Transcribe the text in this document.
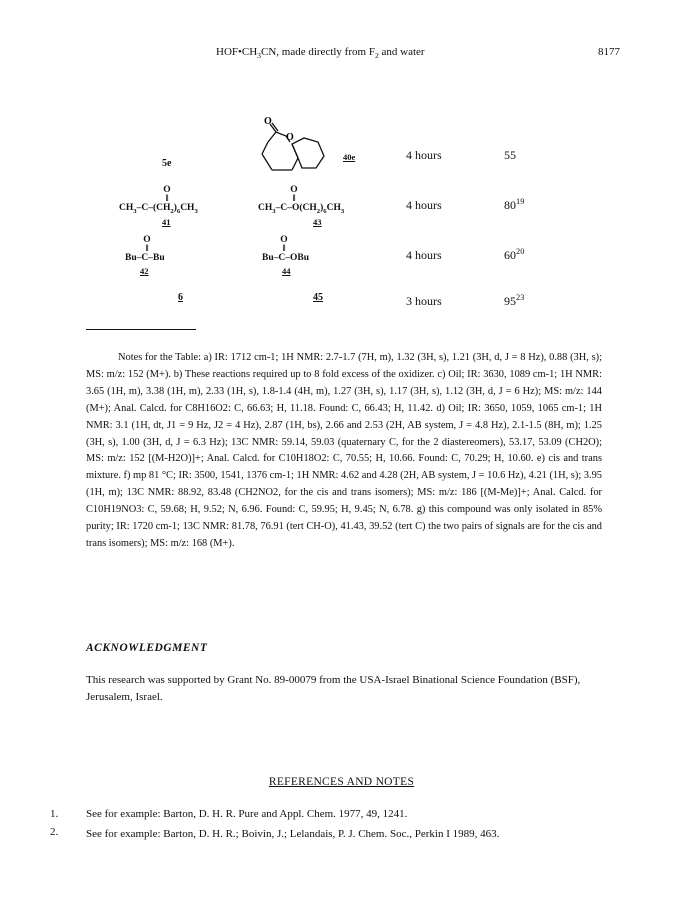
$HOF•CH_3CN$, made directly from $F_2$ and water	8177
O
O
5e
40e	4 hours	55
O
‖
$CH_3-C-(CH_2)_6CH_3$
41
O
‖
$CH_3-C-O(CH_2)_6CH_3$
43
4 hours	$80^{19}$
O
‖
Bu–C–Bu
42
O
‖
Bu–C–OBu
44
4 hours	$60^{20}$
6	45	3 hours	$95^{23}$

Notes for the Table: a) IR: 1712 cm-1; 1H NMR: 2.7-1.7 (7H, m), 1.32 (3H, s), 1.21 (3H, d, J = 8 Hz), 0.88 (3H, s); MS: m/z: 152 (M+). b) These reactions required up to 8 fold excess of the oxidizer. c) Oil; IR: 3630, 1089 cm-1; 1H NMR: 3.65 (1H, m), 3.38 (1H, m), 2.33 (1H, s), 1.8-1.4 (4H, m), 1.27 (3H, s), 1.17 (3H, s), 1.12 (3H, d, J = 6 Hz); MS: m/z: 144 (M+); Anal. Calcd. for C8H16O2: C, 66.63; H, 11.18. Found: C, 66.43; H, 11.42. d) Oil; IR: 3650, 1059, 1065 cm-1; 1H NMR: 3.1 (1H, dt, J1 = 9 Hz, J2 = 4 Hz), 2.87 (1H, bs), 2.66 and 2.53 (2H, AB system, J = 4.8 Hz), 2.1-1.5 (8H, m); 1.25 (3H, s), 1.00 (3H, d, J = 6.3 Hz); 13C NMR: 59.14, 59.03 (quaternary C, for the 2 diastereomers), 53.17, 53.09 (CH2O); MS: m/z: 152 [(M-H2O)]+; Anal. Calcd. for C10H18O2: C, 70.55; H, 10.66. Found: C, 70.29; H, 10.60. e) cis and trans mixture. f) mp 81 °C; IR: 3500, 1541, 1376 cm-1; 1H NMR: 4.62 and 4.28 (2H, AB system, J = 10.6 Hz), 4.21 (1H, s); 3.95 (1H, m); 13C NMR: 88.92, 83.48 (CH2NO2, for the cis and trans isomers); MS: m/z: 186 [(M-Me)]+; Anal. Calcd. for C10H19NO3: C, 59.68; H, 9.52; N, 6.96. Found: C, 59.95; H, 9.45; N, 6.78. g) this compound was only isolated in 85% purity; IR: 1720 cm-1; 13C NMR: 81.78, 76.91 (tert CH-O), 41.43, 39.52 (tert C) the two pairs of signals are for the cis and trans isomers); MS: m/z: 168 (M+).

ACKNOWLEDGMENT
This research was supported by Grant No. 89-00079 from the USA-Israel Binational Science Foundation (BSF), Jerusalem, Israel.
REFERENCES AND NOTES
1.	See for example: Barton, D. H. R. Pure and Appl. Chem. 1977, 49, 1241.
2.	See for example: Barton, D. H. R.; Boivin, J.; Lelandais, P. J. Chem. Soc., Perkin I 1989, 463.
